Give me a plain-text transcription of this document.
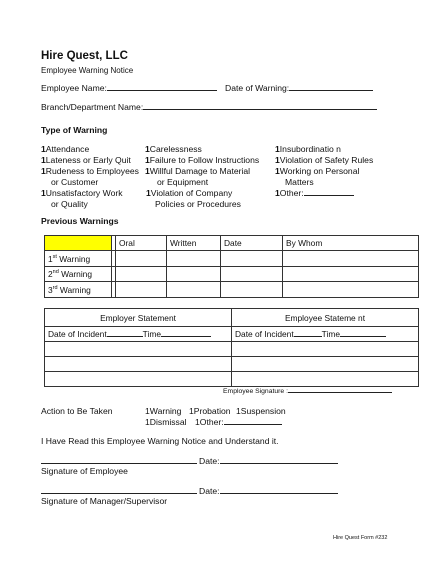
Hire Quest, LLC
Employee Warning Notice
Employee Name:	Date of Warning:
Branch/Department Name:
Type of Warning
1Attendance
1Lateness or Early Quit
1Rudeness to Employees
or Customer
1Unsatisfactory Work
or Quality
1Carelessness
1Failure to Follow Instructions
1Willful Damage to Material
or Equipment
1Violation of Company
Policies or Procedures
1Insubordinatio n
1Violation of Safety Rules
1Working on Personal
Matters
1Other:
Previous Warnings
		Oral	Written	Date	By Whom
1st Warning					
2nd Warning					
3rd Warning					
Employer Statement	Employee Stateme nt
Date of Incident Time	Date of Incident Time

Employee Signature :
Action to Be Taken	1Warning 1Probation 1Suspension
1Dismissal 1Other:
I Have Read this Employee Warning Notice and Understand it.
Date:
Signature of Employee
Date:
Signature of Manager/Supervisor
Hire Quest Form #232
